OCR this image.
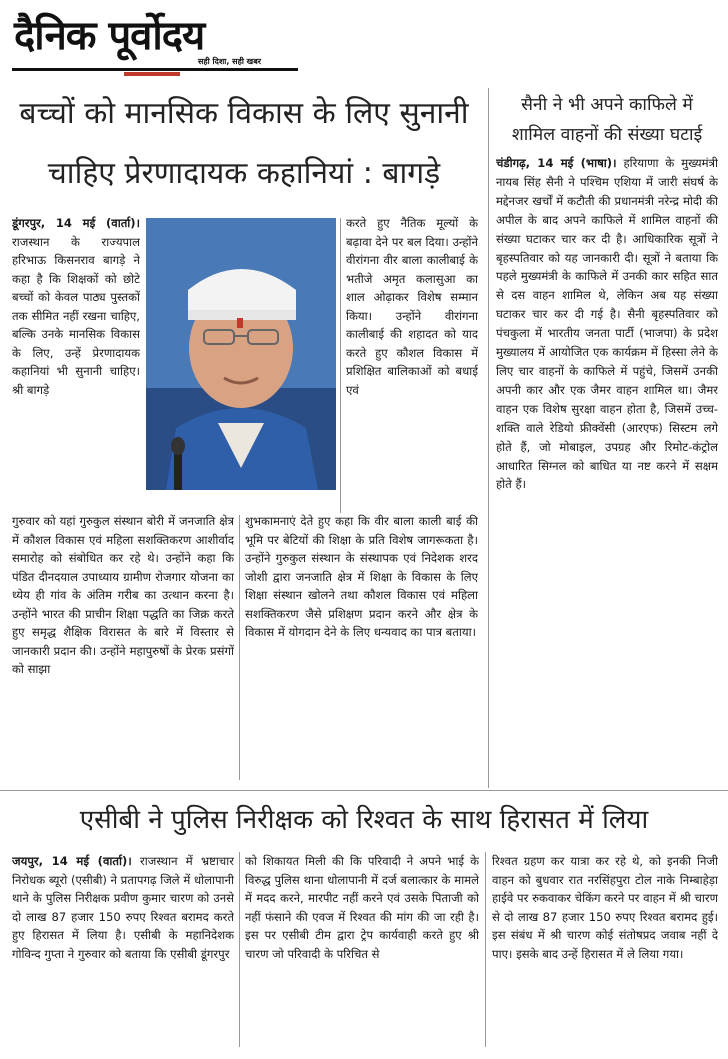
दैनिक पूर्वोदय
सही दिशा, सही खबर
बच्चों को मानसिक विकास के लिए सुनानी
चाहिए प्रेरणादायक कहानियां : बागड़े
डूंगरपुर, 14 मई (वार्ता)। राजस्थान के राज्यपाल हरिभाऊ किसनराव बागड़े ने कहा है कि शिक्षकों को छोटे बच्चों को केवल पाठ्य पुस्तकों तक सीमित नहीं रखना चाहिए, बल्कि उनके मानसिक विकास के लिए, उन्हें प्रेरणादायक कहानियां भी सुनानी चाहिए। श्री बागड़े
करते हुए नैतिक मूल्यों के बढ़ावा देने पर बल दिया। उन्होंने वीरांगना वीर बाला कालीबाई के भतीजे अमृत कलासुआ का शाल ओढ़ाकर विशेष सम्मान किया। उन्होंने वीरांगना कालीबाई की शहादत को याद करते हुए कौशल विकास में प्रशिक्षित बालिकाओं को बधाई एवं
गुरुवार को यहां गुरुकुल संस्थान बोरी में जनजाति क्षेत्र में कौशल विकास एवं महिला सशक्तिकरण आशीर्वाद समारोह को संबोधित कर रहे थे। उन्होंने कहा कि पंडित दीनदयाल उपाध्याय ग्रामीण रोजगार योजना का ध्येय ही गांव के अंतिम गरीब का उत्थान करना है। उन्होंने भारत की प्राचीन शिक्षा पद्धति का जिक्र करते हुए समृद्ध शैक्षिक विरासत के बारे में विस्तार से जानकारी प्रदान की। उन्होंने महापुरुषों के प्रेरक प्रसंगों को साझा
शुभकामनाएं देते हुए कहा कि वीर बाला काली बाई की भूमि पर बेटियों की शिक्षा के प्रति विशेष जागरूकता है। उन्होंने गुरुकुल संस्थान के संस्थापक एवं निदेशक शरद जोशी द्वारा जनजाति क्षेत्र में शिक्षा के विकास के लिए शिक्षा संस्थान खोलने तथा कौशल विकास एवं महिला सशक्तिकरण जैसे प्रशिक्षण प्रदान करने और क्षेत्र के विकास में योगदान देने के लिए धन्यवाद का पात्र बताया।
सैनी ने भी अपने काफिले में
शामिल वाहनों की संख्या घटाई
चंडीगढ़, 14 मई (भाषा)। हरियाणा के मुख्यमंत्री नायब सिंह सैनी ने पश्चिम एशिया में जारी संघर्ष के मद्देनजर खर्चों में कटौती की प्रधानमंत्री नरेन्द्र मोदी की अपील के बाद अपने काफिले में शामिल वाहनों की संख्या घटाकर चार कर दी है। आधिकारिक सूत्रों ने बृहस्पतिवार को यह जानकारी दी। सूत्रों ने बताया कि पहले मुख्यमंत्री के काफिले में उनकी कार सहित सात से दस वाहन शामिल थे, लेकिन अब यह संख्या घटाकर चार कर दी गई है। सैनी बृहस्पतिवार को पंचकुला में भारतीय जनता पार्टी (भाजपा) के प्रदेश मुख्यालय में आयोजित एक कार्यक्रम में हिस्सा लेने के लिए चार वाहनों के काफिले में पहुंचे, जिसमें उनकी अपनी कार और एक जैमर वाहन शामिल था। जैमर वाहन एक विशेष सुरक्षा वाहन होता है, जिसमें उच्च-शक्ति वाले रेडियो फ्रीक्वेंसी (आरएफ) सिस्टम लगे होते हैं, जो मोबाइल, उपग्रह और रिमोट-कंट्रोल आधारित सिग्नल को बाधित या नष्ट करने में सक्षम होते हैं।
एसीबी ने पुलिस निरीक्षक को रिश्वत के साथ हिरासत में लिया
जयपुर, 14 मई (वार्ता)। राजस्थान में भ्रष्टाचार निरोधक ब्यूरो (एसीबी) ने प्रतापगढ़ जिले में धोलापानी थाने के पुलिस निरीक्षक प्रवीण कुमार चारण को उनसे दो लाख 87 हजार 150 रुपए रिश्वत बरामद करते हुए हिरासत में लिया है। एसीबी के महानिदेशक गोविन्द गुप्ता ने गुरुवार को बताया कि एसीबी डूंगरपुर
को शिकायत मिली की कि परिवादी ने अपने भाई के विरुद्ध पुलिस थाना धोलापानी में दर्ज बलात्कार के मामले में मदद करने, मारपीट नहीं करने एवं उसके पिताजी को नहीं फंसाने की एवज में रिश्वत की मांग की जा रही है। इस पर एसीबी टीम द्वारा ट्रेप कार्यवाही करते हुए श्री चारण जो परिवादी के परिचित से
रिश्वत ग्रहण कर यात्रा कर रहे थे, को इनकी निजी वाहन को बुधवार रात नरसिंहपुरा टोल नाके निम्बाहेड़ा हाईवे पर रुकवाकर चेकिंग करने पर वाहन में श्री चारण से दो लाख 87 हजार 150 रुपए रिश्वत बरामद हुई। इस संबंध में श्री चारण कोई संतोषप्रद जवाब नहीं दे पाए। इसके बाद उन्हें हिरासत में ले लिया गया।
